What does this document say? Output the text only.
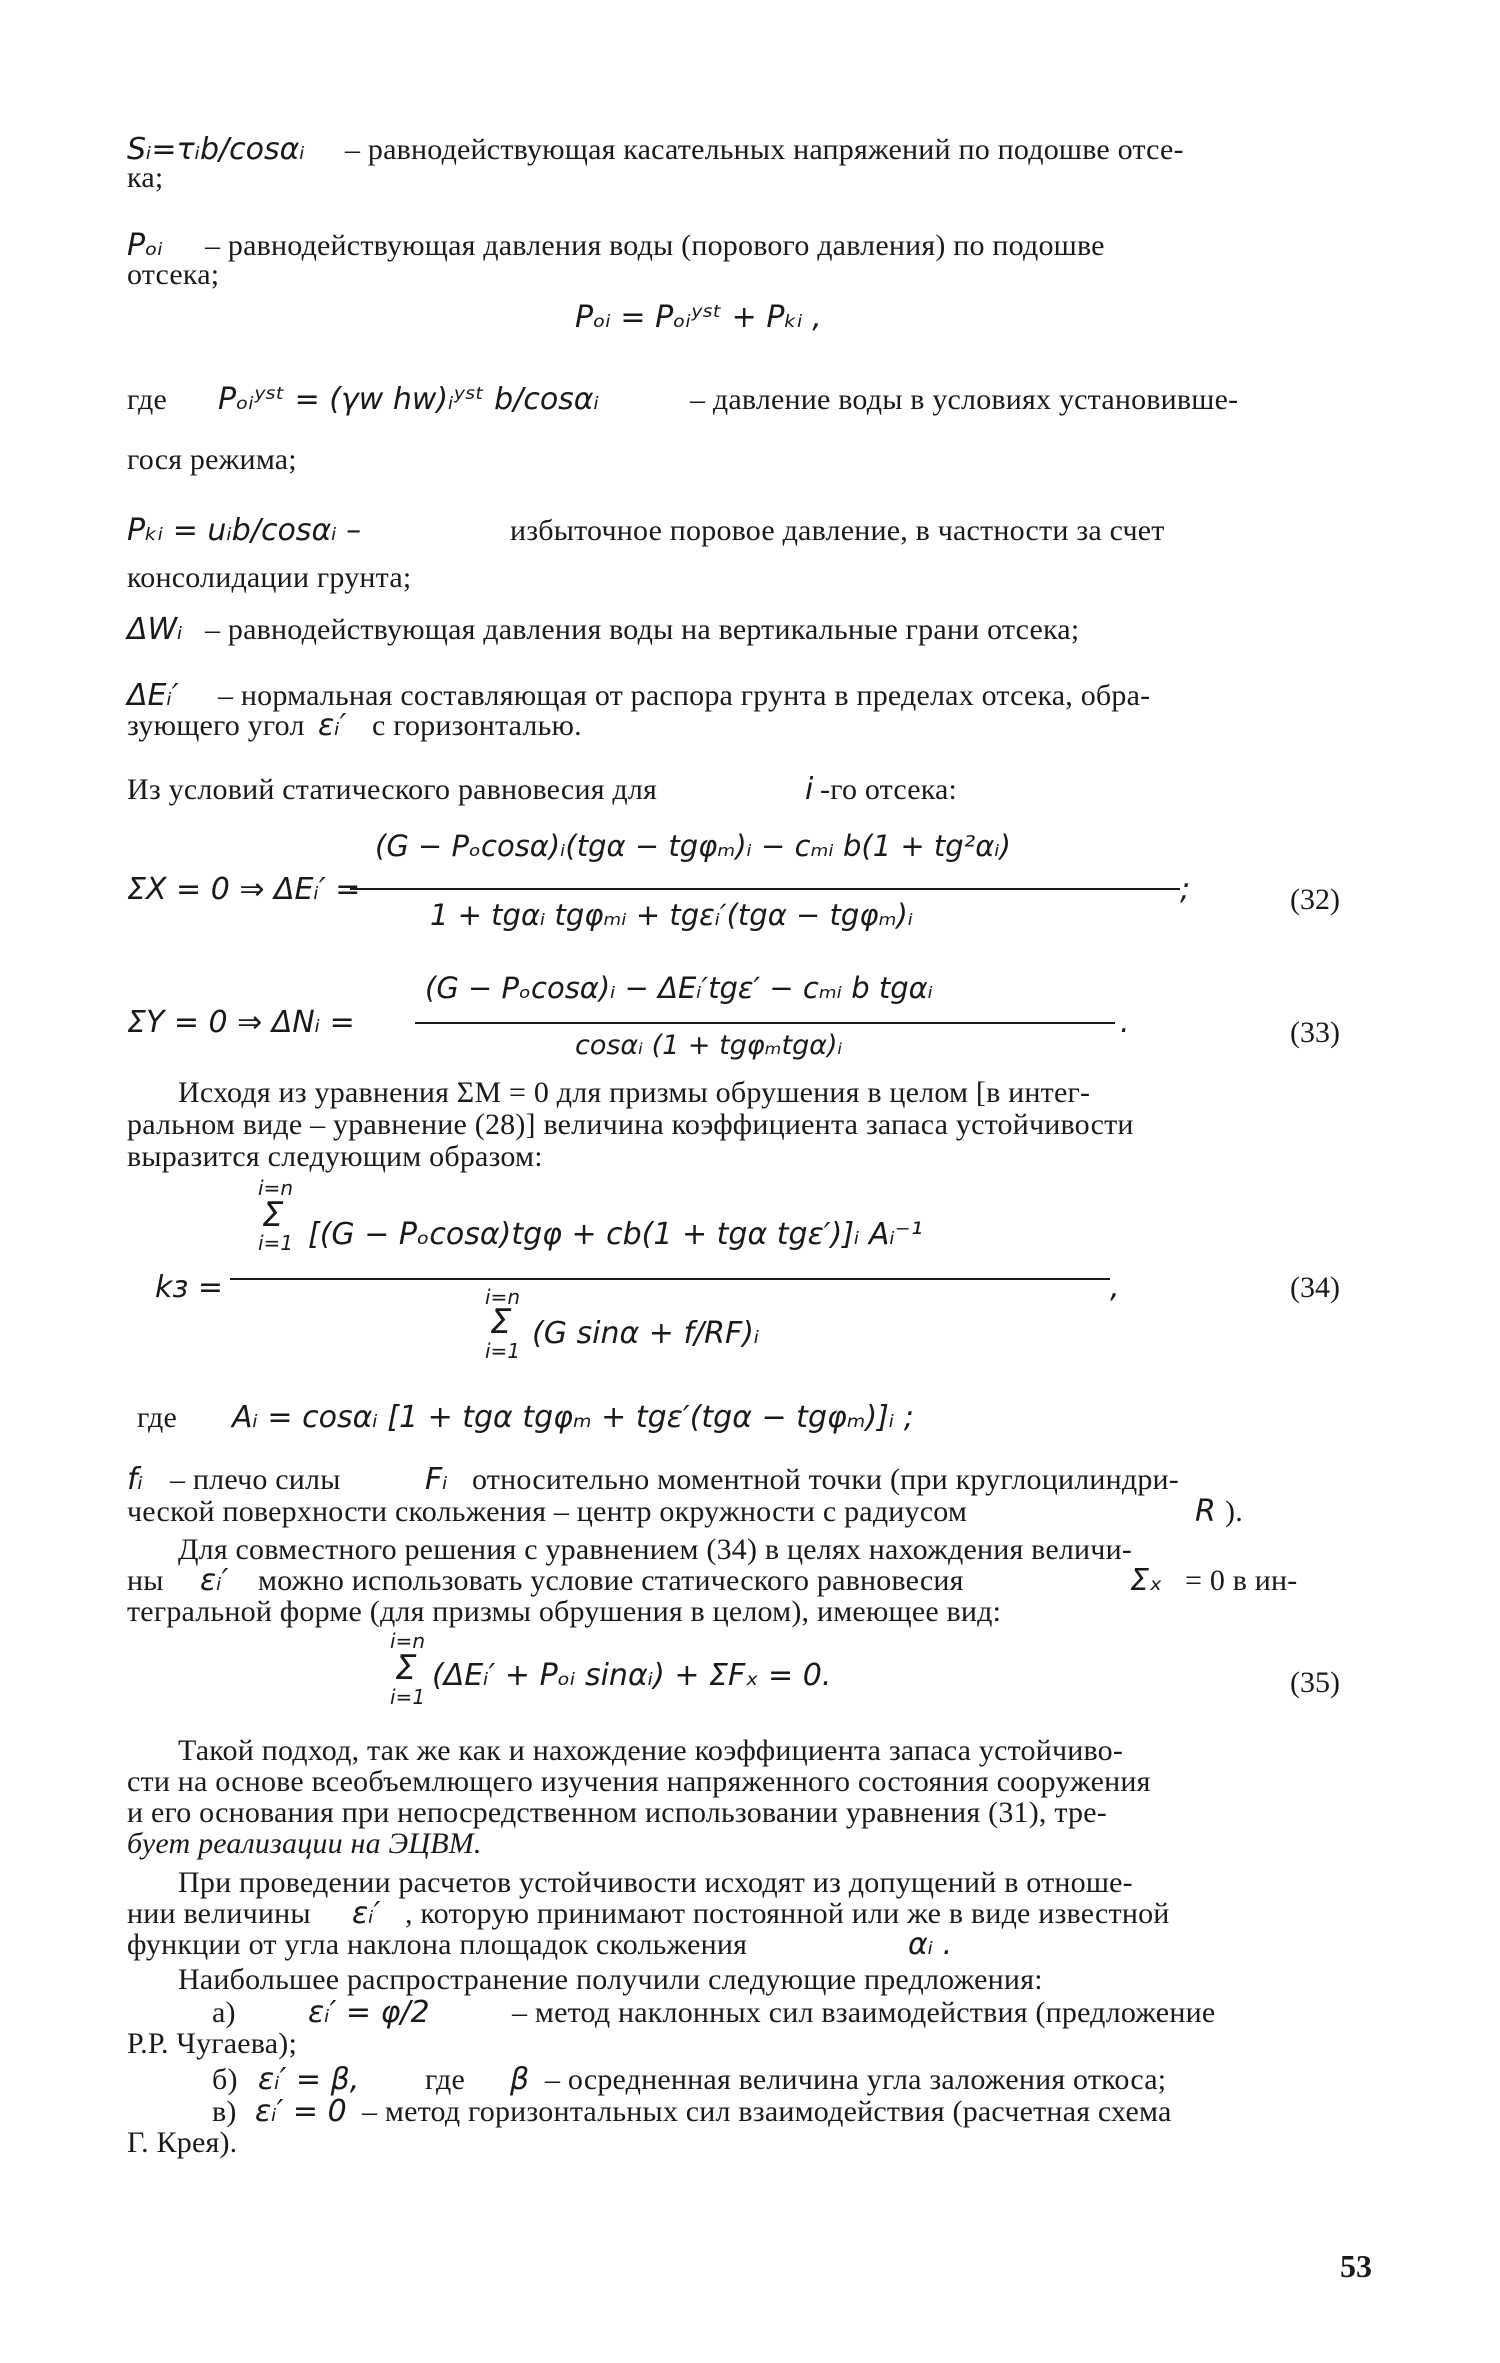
Sᵢ=τᵢb/cosαᵢ – равнодействующая касательных напряжений по подошве отсе-
ка;
Pₒᵢ – равнодействующая давления воды (порового давления) по подошве
отсека;
Pₒᵢ = Pₒᵢʸˢᵗ + Pₖᵢ ,
где Pₒᵢʸˢᵗ = (γw hw)ᵢʸˢᵗ b/cosαᵢ	– давление воды в условиях установивше-
гося режима;
Pₖᵢ = uᵢb/cosαᵢ –	избыточное поровое давление, в частности за счет
консолидации грунта;
ΔWᵢ – равнодействующая давления воды на вертикальные грани отсека;
ΔEᵢ′ – нормальная составляющая от распора грунта в пределах отсека, обра-
зующего угол εᵢ′ с горизонталью.
Из условий статического равновесия для	i -го отсека:
ΣX = 0 ⇒ ΔEᵢ′ =
(G − Pₒcosα)ᵢ(tgα − tgφₘ)ᵢ − cₘᵢ b(1 + tg²αᵢ)
1 + tgαᵢ tgφₘᵢ + tgεᵢ′(tgα − tgφₘ)ᵢ
;	(32)
ΣY = 0 ⇒ ΔNᵢ =
(G − Pₒcosα)ᵢ − ΔEᵢ′tgε′ − cₘᵢ b tgαᵢ
cosαᵢ (1 + tgφₘtgα)ᵢ
.	(33)
Исходя из уравнения ΣM = 0 для призмы обрушения в целом [в интег-
ральном виде – уравнение (28)] величина коэффициента запаса устойчивости
выразится следующим образом:
kз =
i=n
Σ
i=1 [(G − Pₒcosα)tgφ + cb(1 + tgα tgε′)]ᵢ Aᵢ⁻¹
i=n
Σ
i=1 (G sinα + f/RF)ᵢ
,	(34)
где Aᵢ = cosαᵢ [1 + tgα tgφₘ + tgε′(tgα − tgφₘ)]ᵢ ;
fᵢ – плечо силы	Fᵢ относительно моментной точки (при круглоцилиндри-
ческой поверхности скольжения – центр окружности с радиусом	R ).
Для совместного решения с уравнением (34) в целях нахождения величи-
ны εᵢ′ можно использовать условие статического равновесия	Σₓ = 0 в ин-
тегральной форме (для призмы обрушения в целом), имеющее вид:
i=n
Σ
i=1
(ΔEᵢ′ + Pₒᵢ sinαᵢ) + ΣFₓ = 0.	(35)
Такой подход, так же как и нахождение коэффициента запаса устойчиво-
сти на основе всеобъемлющего изучения напряженного состояния сооружения
и его основания при непосредственном использовании уравнения (31), тре-
бует реализации на ЭЦВМ.
При проведении расчетов устойчивости исходят из допущений в отноше-
нии величины εᵢ′ , которую принимают постоянной или же в виде известной
функции от угла наклона площадок скольжения	αᵢ .
Наибольшее распространение получили следующие предложения:
а) εᵢ′ = φ/2	– метод наклонных сил взаимодействия (предложение
Р.Р. Чугаева);
б) εᵢ′ = β, где β – осредненная величина угла заложения откоса;
в) εᵢ′ = 0 – метод горизонтальных сил взаимодействия (расчетная схема
Г. Крея).
53
